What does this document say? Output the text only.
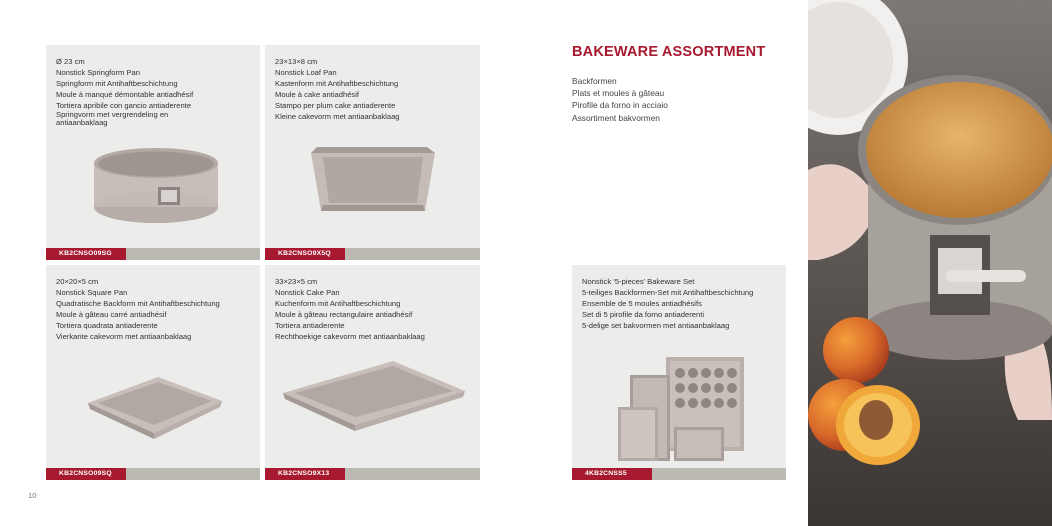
Ø 23 cm
Nonstick Springform Pan
Springform mit Antihaftbeschichtung
Moule à manqué démontable antiadhésif
Tortiera apribile con gancio antiaderente
Springvorm met vergrendeling en
antiaanbaklaag
KB2CNSO09SG
23×13×8 cm
Nonstick Loaf Pan
Kastenform mit Antihaftbeschichtung
Moule à cake antiadhésif
Stampo per plum cake antiaderente
Kleine cakevorm met antiaanbaklaag
KB2CNSO9X5Q
20×20×5 cm
Nonstick Square Pan
Quadratische Backform mit Antihaftbeschichtung
Moule à gâteau carré antiadhésif
Tortiera quadrata antiaderente
Vierkante cakevorm met antiaanbaklaag
KB2CNSO09SQ
33×23×5 cm
Nonstick Cake Pan
Kuchenform mit Antihaftbeschichtung
Moule à gâteau rectangulaire antiadhésif
Tortiera antiaderente
Rechthoekige cakevorm met antiaanbaklaag
KB2CNSO9X13
BAKEWARE ASSORTMENT
Backformen
Plats et moules à gâteau
Pirofile da forno in acciaio
Assortiment bakvormen
Nonstick ‘5-pieces’ Bakeware Set
5-teiliges Backformen-Set mit Antihaftbeschichtung
Ensemble de 5 moules antiadhésifs
Set di 5 pirofile da forno antiaderenti
5-delige set bakvormen met antiaanbaklaag
4KB2CNSS5
10
